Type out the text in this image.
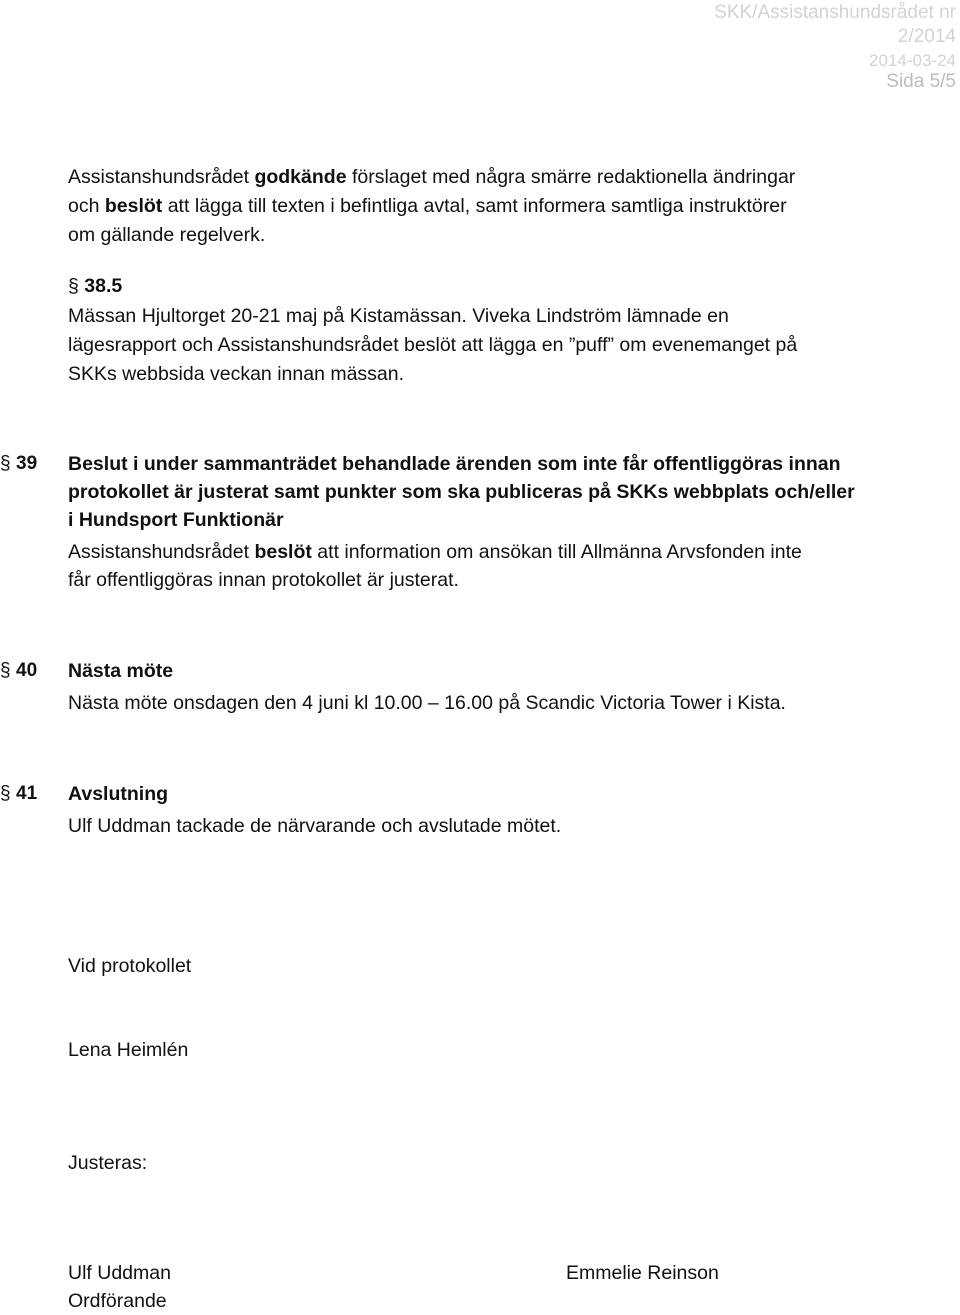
SKK/Assistanshundsrådet nr
2/2014
2014-03-24
Sida 5/5
Assistanshundsrådet godkände förslaget med några smärre redaktionella ändringar
och beslöt att lägga till texten i befintliga avtal, samt informera samtliga instruktörer
om gällande regelverk.
§ 38.5
Mässan Hjultorget 20-21 maj på Kistamässan. Viveka Lindström lämnade en
lägesrapport och Assistanshundsrådet beslöt att lägga en ”puff” om evenemanget på
SKKs webbsida veckan innan mässan.
§ 39 Beslut i under sammanträdet behandlade ärenden som inte får offentliggöras innan
protokollet är justerat samt punkter som ska publiceras på SKKs webbplats och/eller
i Hundsport Funktionär
Assistanshundsrådet beslöt att information om ansökan till Allmänna Arvsfonden inte
får offentliggöras innan protokollet är justerat.
§ 40 Nästa möte
Nästa möte onsdagen den 4 juni kl 10.00 – 16.00 på Scandic Victoria Tower i Kista.
§ 41 Avslutning
Ulf Uddman tackade de närvarande och avslutade mötet.
Vid protokollet
Lena Heimlén
Justeras:
Ulf Uddman
Ordförande
Emmelie Reinson
